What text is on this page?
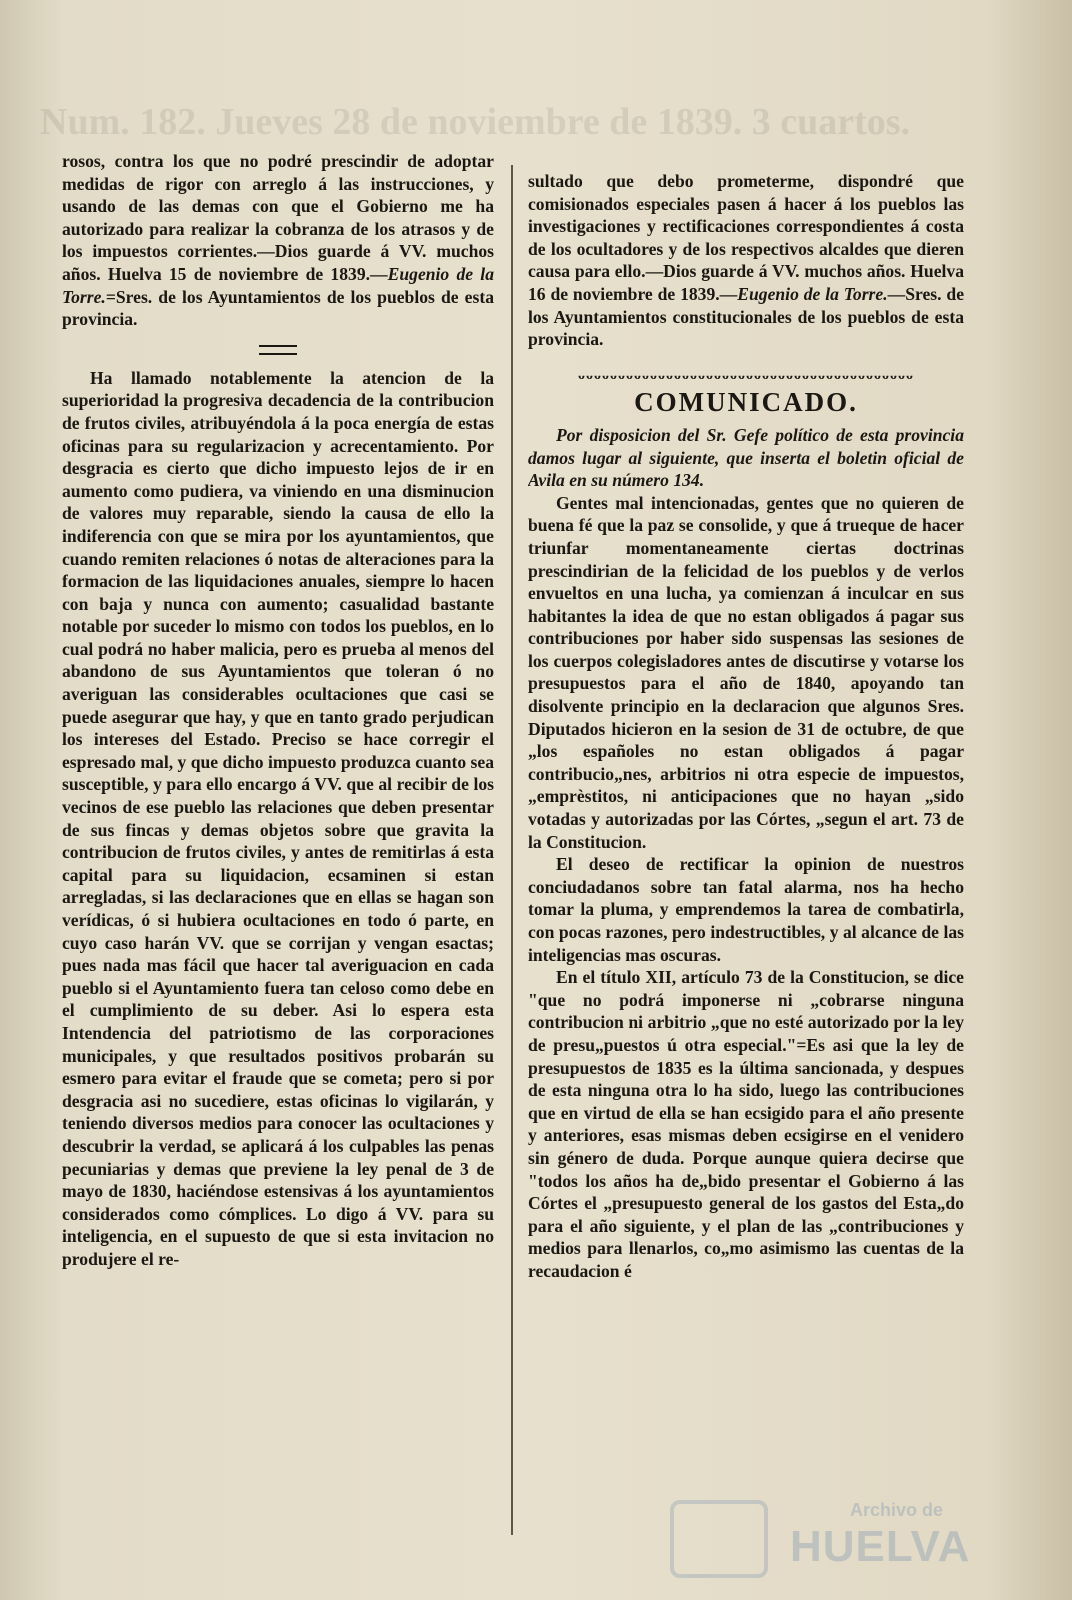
Num. 182. Jueves 28 de noviembre de 1839. 3 cuartos.

rosos, contra los que no podré prescindir de adoptar medidas de rigor con arreglo á las instrucciones, y usando de las demas con que el Gobierno me ha autorizado para realizar la cobranza de los atrasos y de los impuestos corrientes.—Dios guarde á VV. muchos años. Huelva 15 de noviembre de 1839.—Eugenio de la Torre.=Sres. de los Ayuntamientos de los pueblos de esta provincia.

Ha llamado notablemente la atencion de la superioridad la progresiva decadencia de la contribucion de frutos civiles, atribuyéndola á la poca energía de estas oficinas para su regularizacion y acrecentamiento. Por desgracia es cierto que dicho impuesto lejos de ir en aumento como pudiera, va viniendo en una disminucion de valores muy reparable, siendo la causa de ello la indiferencia con que se mira por los ayuntamientos, que cuando remiten relaciones ó notas de alteraciones para la formacion de las liquidaciones anuales, siempre lo hacen con baja y nunca con aumento; casualidad bastante notable por suceder lo mismo con todos los pueblos, en lo cual podrá no haber malicia, pero es prueba al menos del abandono de sus Ayuntamientos que toleran ó no averiguan las considerables ocultaciones que casi se puede asegurar que hay, y que en tanto grado perjudican los intereses del Estado. Preciso se hace corregir el espresado mal, y que dicho impuesto produzca cuanto sea susceptible, y para ello encargo á VV. que al recibir de los vecinos de ese pueblo las relaciones que deben presentar de sus fincas y demas objetos sobre que gravita la contribucion de frutos civiles, y antes de remitirlas á esta capital para su liquidacion, ecsaminen si estan arregladas, si las declaraciones que en ellas se hagan son verídicas, ó si hubiera ocultaciones en todo ó parte, en cuyo caso harán VV. que se corrijan y vengan esactas; pues nada mas fácil que hacer tal averiguacion en cada pueblo si el Ayuntamiento fuera tan celoso como debe en el cumplimiento de su deber. Asi lo espera esta Intendencia del patriotismo de las corporaciones municipales, y que resultados positivos probarán su esmero para evitar el fraude que se cometa; pero si por desgracia asi no sucediere, estas oficinas lo vigilarán, y teniendo diversos medios para conocer las ocultaciones y descubrir la verdad, se aplicará á los culpables las penas pecuniarias y demas que previene la ley penal de 3 de mayo de 1830, haciéndose estensivas á los ayuntamientos considerados como cómplices. Lo digo á VV. para su inteligencia, en el supuesto de que si esta invitacion no produjere el re-

sultado que debo prometerme, dispondré que comisionados especiales pasen á hacer á los pueblos las investigaciones y rectificaciones correspondientes á costa de los ocultadores y de los respectivos alcaldes que dieren causa para ello.—Dios guarde á VV. muchos años. Huelva 16 de noviembre de 1839.—Eugenio de la Torre.—Sres. de los Ayuntamientos constitucionales de los pueblos de esta provincia.

ᴗᴗᴗᴗᴗᴗᴗᴗᴗᴗᴗᴗᴗᴗᴗᴗᴗᴗᴗᴗᴗᴗᴗᴗᴗᴗᴗᴗᴗᴗᴗᴗᴗᴗᴗᴗᴗᴗᴗᴗᴗᴗ
COMUNICADO.

Por disposicion del Sr. Gefe político de esta provincia damos lugar al siguiente, que inserta el boletin oficial de Avila en su número 134.

Gentes mal intencionadas, gentes que no quieren de buena fé que la paz se consolide, y que á trueque de hacer triunfar momentaneamente ciertas doctrinas prescindirian de la felicidad de los pueblos y de verlos envueltos en una lucha, ya comienzan á inculcar en sus habitantes la idea de que no estan obligados á pagar sus contribuciones por haber sido suspensas las sesiones de los cuerpos colegisladores antes de discutirse y votarse los presupuestos para el año de 1840, apoyando tan disolvente principio en la declaracion que algunos Sres. Diputados hicieron en la sesion de 31 de octubre, de que „los españoles no estan obligados á pagar contribucio„nes, arbitrios ni otra especie de impuestos, „emprèstitos, ni anticipaciones que no hayan „sido votadas y autorizadas por las Córtes, „segun el art. 73 de la Constitucion.

El deseo de rectificar la opinion de nuestros conciudadanos sobre tan fatal alarma, nos ha hecho tomar la pluma, y emprendemos la tarea de combatirla, con pocas razones, pero indestructibles, y al alcance de las inteligencias mas oscuras.

En el título XII, artículo 73 de la Constitucion, se dice "que no podrá imponerse ni „cobrarse ninguna contribucion ni arbitrio „que no esté autorizado por la ley de presu„puestos ú otra especial."=Es asi que la ley de presupuestos de 1835 es la última sancionada, y despues de esta ninguna otra lo ha sido, luego las contribuciones que en virtud de ella se han ecsigido para el año presente y anteriores, esas mismas deben ecsigirse en el venidero sin género de duda. Porque aunque quiera decirse que "todos los años ha de„bido presentar el Gobierno á las Córtes el „presupuesto general de los gastos del Esta„do para el año siguiente, y el plan de las „contribuciones y medios para llenarlos, co„mo asimismo las cuentas de la recaudacion é

Archivo de
HUELVA
